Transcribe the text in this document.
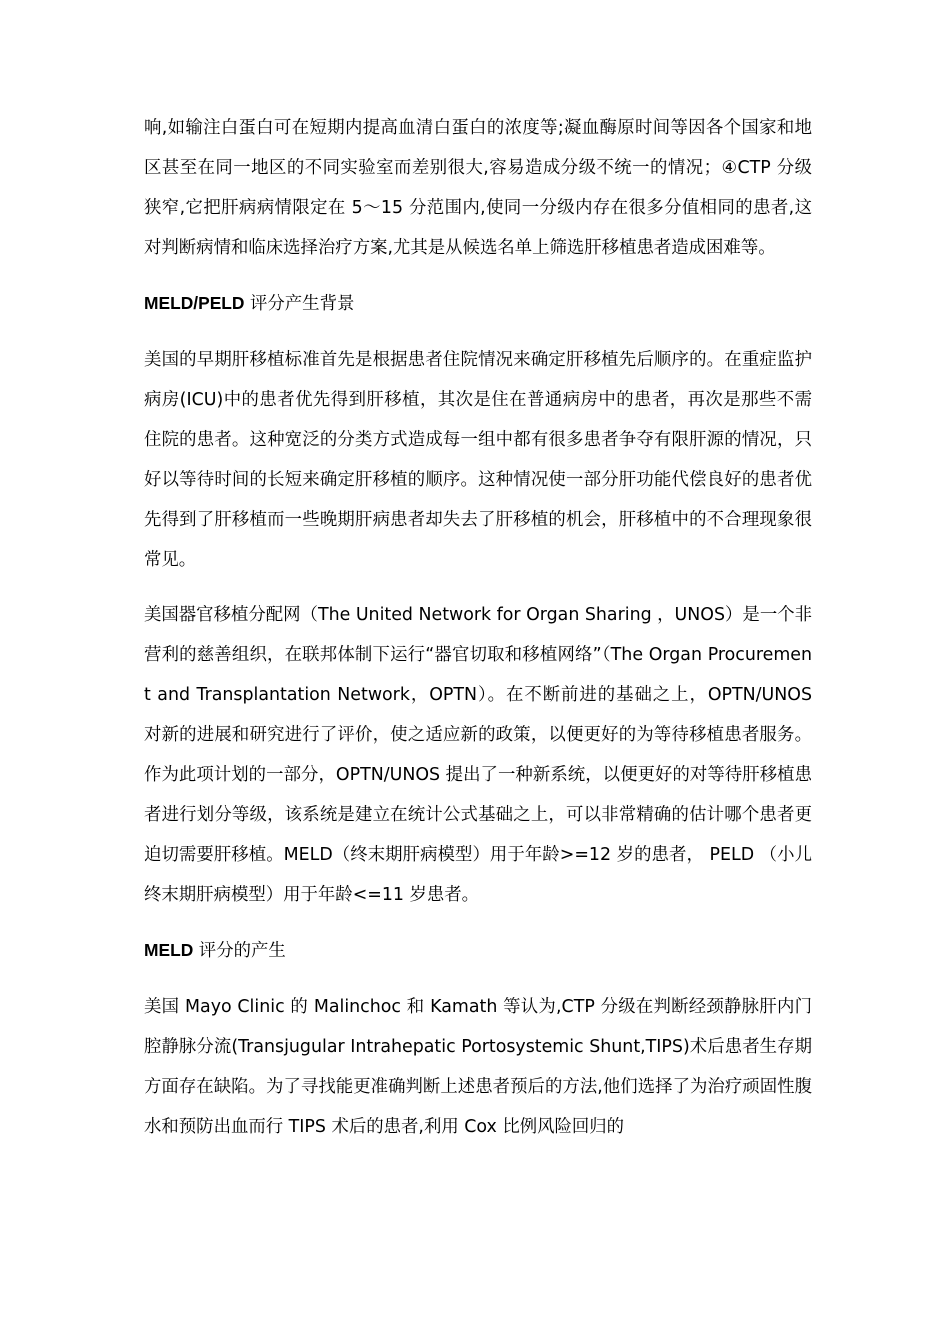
响,如输注白蛋白可在短期内提高血清白蛋白的浓度等;凝血酶原时间等因各个国家和地区甚至在同一地区的不同实验室而差别很大,容易造成分级不统一的情况；④CTP 分级狭窄,它把肝病病情限定在 5～15 分范围内,使同一分级内存在很多分值相同的患者,这对判断病情和临床选择治疗方案,尤其是从候选名单上筛选肝移植患者造成困难等。

MELD/PELD 评分产生背景

美国的早期肝移植标准首先是根据患者住院情况来确定肝移植先后顺序的。在重症监护病房(ICU)中的患者优先得到肝移植，其次是住在普通病房中的患者，再次是那些不需住院的患者。这种宽泛的分类方式造成每一组中都有很多患者争夺有限肝源的情况，只好以等待时间的长短来确定肝移植的顺序。这种情况使一部分肝功能代偿良好的患者优先得到了肝移植而一些晚期肝病患者却失去了肝移植的机会，肝移植中的不合理现象很常见。

美国器官移植分配网（The United Network for Organ Sharing ，UNOS）是一个非营利的慈善组织，在联邦体制下运行“器官切取和移植网络”（The Organ Procurement and Transplantation Network，OPTN）。在不断前进的基础之上，OPTN/UNOS 对新的进展和研究进行了评价，使之适应新的政策，以便更好的为等待移植患者服务。作为此项计划的一部分，OPTN/UNOS 提出了一种新系统，以便更好的对等待肝移植患者进行划分等级，该系统是建立在统计公式基础之上，可以非常精确的估计哪个患者更迫切需要肝移植。MELD（终末期肝病模型）用于年龄>=12 岁的患者， PELD （小儿终末期肝病模型）用于年龄<=11 岁患者。

MELD 评分的产生

美国 Mayo Clinic 的 Malinchoc 和 Kamath 等认为,CTP 分级在判断经颈静脉肝内门腔静脉分流(Transjugular Intrahepatic Portosystemic Shunt,TIPS)术后患者生存期方面存在缺陷。为了寻找能更准确判断上述患者预后的方法,他们选择了为治疗顽固性腹水和预防出血而行 TIPS 术后的患者,利用 Cox 比例风险回归的
